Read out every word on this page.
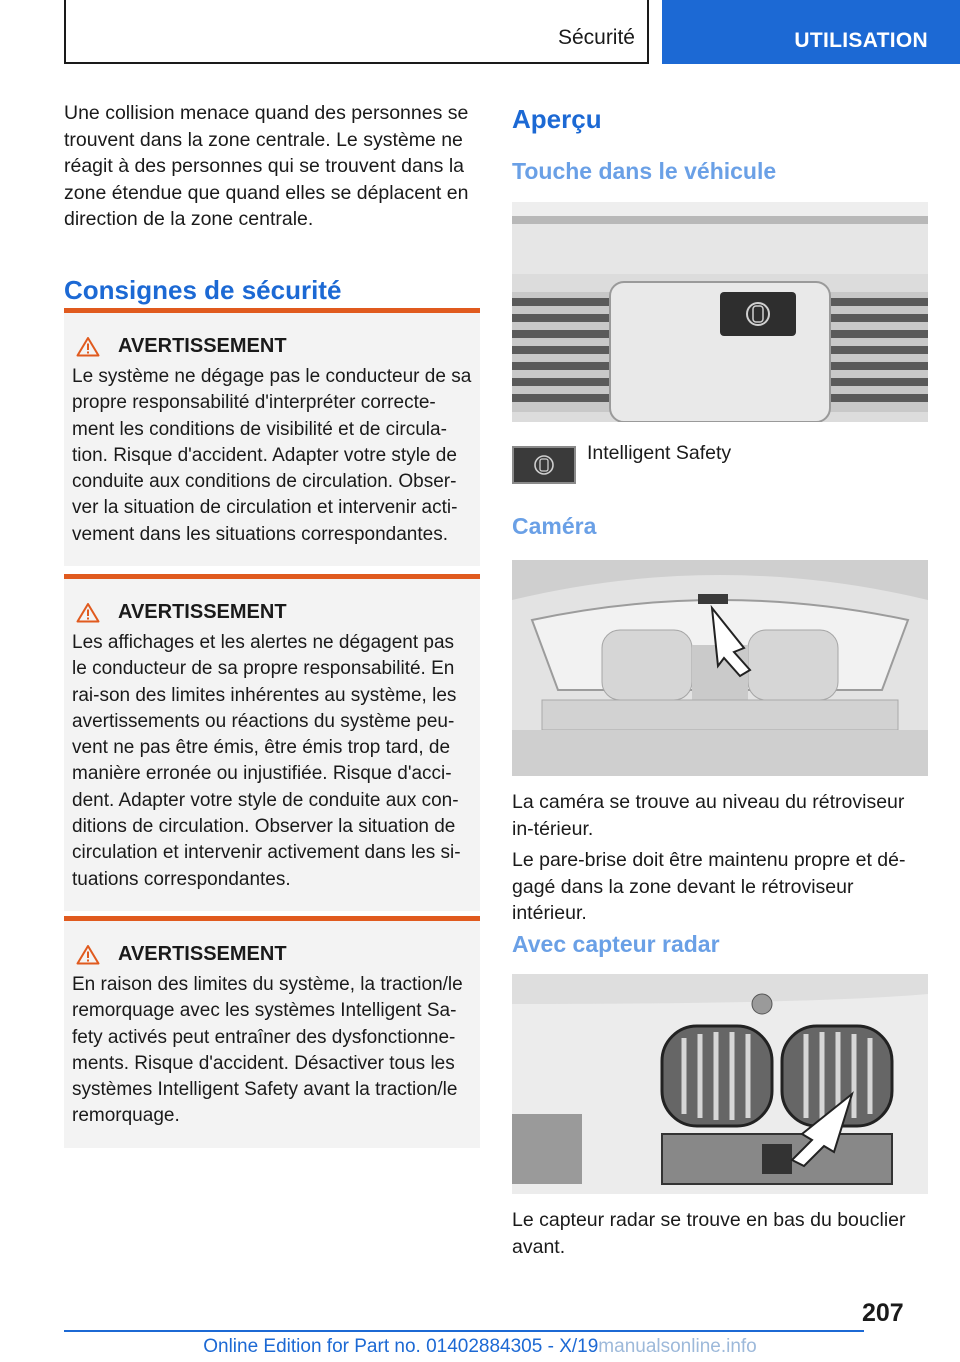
Sécurité	UTILISATION

Une collision menace quand des personnes se trouvent dans la zone centrale. Le système ne réagit à des personnes qui se trouvent dans la zone étendue que quand elles se déplacent en direction de la zone centrale.

Consignes de sécurité
AVERTISSEMENT

Le système ne dégage pas le conducteur de sa propre responsabilité d'interpréter correcte-ment les conditions de visibilité et de circula-tion. Risque d'accident. Adapter votre style de conduite aux conditions de circulation. Obser-ver la situation de circulation et intervenir acti-vement dans les situations correspondantes.

AVERTISSEMENT

Les affichages et les alertes ne dégagent pas le conducteur de sa propre responsabilité. En rai-son des limites inhérentes au système, les avertissements ou réactions du système peu-vent ne pas être émis, être émis trop tard, de manière erronée ou injustifiée. Risque d'acci-dent. Adapter votre style de conduite aux con-ditions de circulation. Observer la situation de circulation et intervenir activement dans les si-tuations correspondantes.

AVERTISSEMENT

En raison des limites du système, la traction/le remorquage avec les systèmes Intelligent Sa-fety activés peut entraîner des dysfonctionne-ments. Risque d'accident. Désactiver tous les systèmes Intelligent Safety avant la traction/le remorquage.

Aperçu
Touche dans le véhicule
Intelligent Safety
Caméra

La caméra se trouve au niveau du rétroviseur in-térieur.

Le pare-brise doit être maintenu propre et dé-gagé dans la zone devant le rétroviseur intérieur.

Avec capteur radar

Le capteur radar se trouve en bas du bouclier avant.

207
Online Edition for Part no. 01402884305 - X/19manualsonline.info
